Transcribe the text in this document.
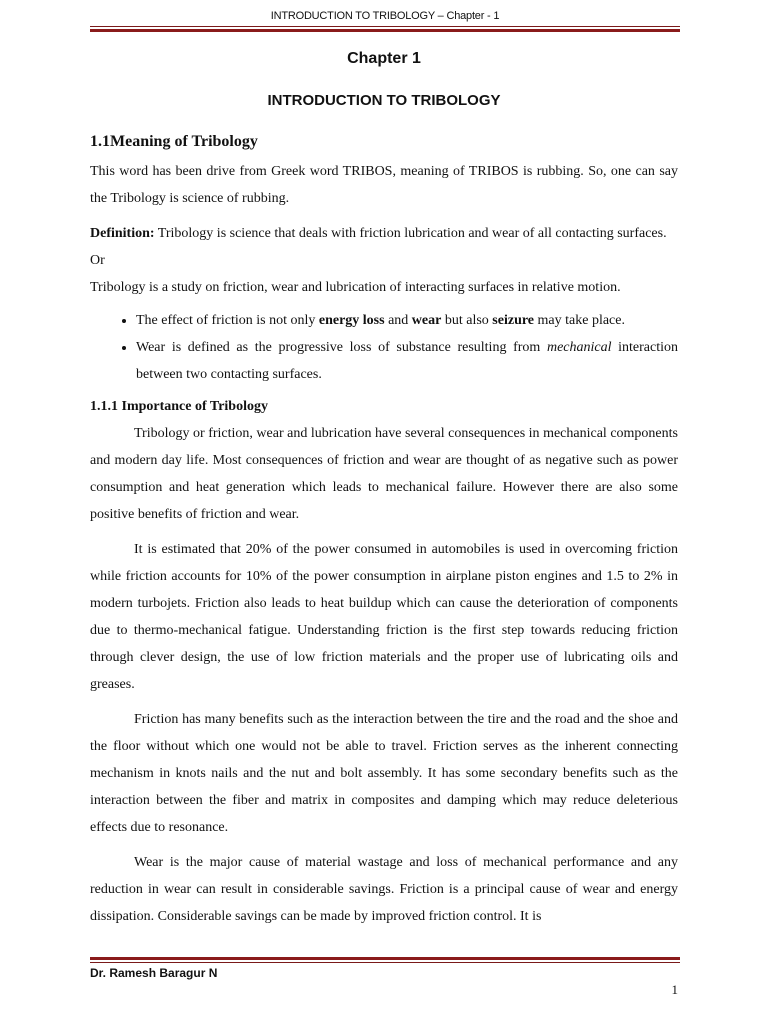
INTRODUCTION TO TRIBOLOGY – Chapter - 1
Chapter 1
INTRODUCTION TO TRIBOLOGY
1.1Meaning of Tribology

This word has been drive from Greek word TRIBOS, meaning of TRIBOS is rubbing. So, one can say the Tribology is science of rubbing.

Definition: Tribology is science that deals with friction lubrication and wear of all contacting surfaces.

Or

Tribology is a study on friction, wear and lubrication of interacting surfaces in relative motion.

• The effect of friction is not only energy loss and wear but also seizure may take place.
• Wear is defined as the progressive loss of substance resulting from mechanical interaction between two contacting surfaces.
1.1.1 Importance of Tribology

Tribology or friction, wear and lubrication have several consequences in mechanical components and modern day life. Most consequences of friction and wear are thought of as negative such as power consumption and heat generation which leads to mechanical failure. However there are also some positive benefits of friction and wear.

It is estimated that 20% of the power consumed in automobiles is used in overcoming friction while friction accounts for 10% of the power consumption in airplane piston engines and 1.5 to 2% in modern turbojets. Friction also leads to heat buildup which can cause the deterioration of components due to thermo-mechanical fatigue. Understanding friction is the first step towards reducing friction through clever design, the use of low friction materials and the proper use of lubricating oils and greases.

Friction has many benefits such as the interaction between the tire and the road and the shoe and the floor without which one would not be able to travel. Friction serves as the inherent connecting mechanism in knots nails and the nut and bolt assembly. It has some secondary benefits such as the interaction between the fiber and matrix in composites and damping which may reduce deleterious effects due to resonance.

Wear is the major cause of material wastage and loss of mechanical performance and any reduction in wear can result in considerable savings. Friction is a principal cause of wear and energy dissipation. Considerable savings can be made by improved friction control. It is

Dr. Ramesh Baragur N
1
